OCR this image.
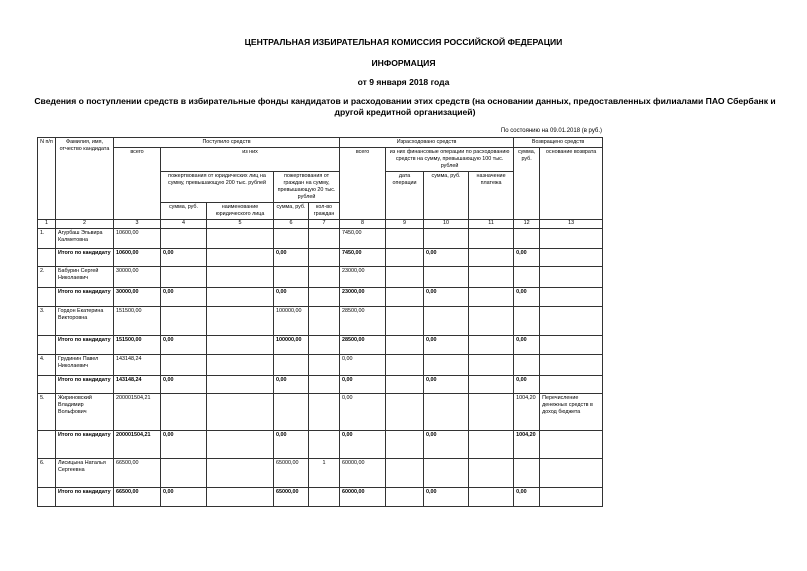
ЦЕНТРАЛЬНАЯ ИЗБИРАТЕЛЬНАЯ КОМИССИЯ РОССИЙСКОЙ ФЕДЕРАЦИИ
ИНФОРМАЦИЯ
от 9 января 2018 года
Сведения о поступлении средств в избирательные фонды кандидатов и расходовании этих средств (на основании данных, предоставленных филиалами ПАО Сбербанк и другой кредитной организацией)
По состоянию на 09.01.2018 (в руб.)
N п/п	Фамилия, имя, отчество кандидата	Поступило средств					Израсходовано средств				Возвращено средств	
		всего	из них				всего	из них финансовые операции по расходованию средств на сумму, превышающую 100 тыс. рублей			сумма, руб.	основание возврата
			пожертвования от юридических лиц на сумму, превышающую 200 тыс. рублей		пожертвования от граждан на сумму, превышающую 20 тыс. рублей			дата операции	сумма, руб.	назначение платежа		
			сумма, руб.	наименование юридического лица	сумма, руб.	кол-во граждан						
1	2	3	4	5	6	7	8	9	10	11	12	13
1.	Агурбаш Эльвира Калметовна	10600,00					7450,00					
	Итого по кандидату	10600,00	0,00		0,00		7450,00		0,00		0,00	
2.	Бабурин Сергей Николаевич	30000,00					23000,00					
	Итого по кандидату	30000,00	0,00		0,00		23000,00		0,00		0,00	
3.	Гордон Екатерина Викторовна	151500,00			100000,00		28500,00					
	Итого по кандидату	151500,00	0,00		100000,00		28500,00		0,00		0,00	
4.	Грудинин Павел Николаевич	143148,24					0,00					
	Итого по кандидату	143148,24	0,00		0,00		0,00		0,00		0,00	
5.	Жириновский Владимир Вольфович	200001504,21					0,00				1004,20	Перечисление денежных средств в доход бюджета
	Итого по кандидату	200001504,21	0,00		0,00		0,00		0,00		1004,20	
6.	Лисицына Наталья Сергеевна	66500,00			65000,00	1	60000,00					
	Итого по кандидату	66500,00	0,00		65000,00		60000,00		0,00		0,00	
